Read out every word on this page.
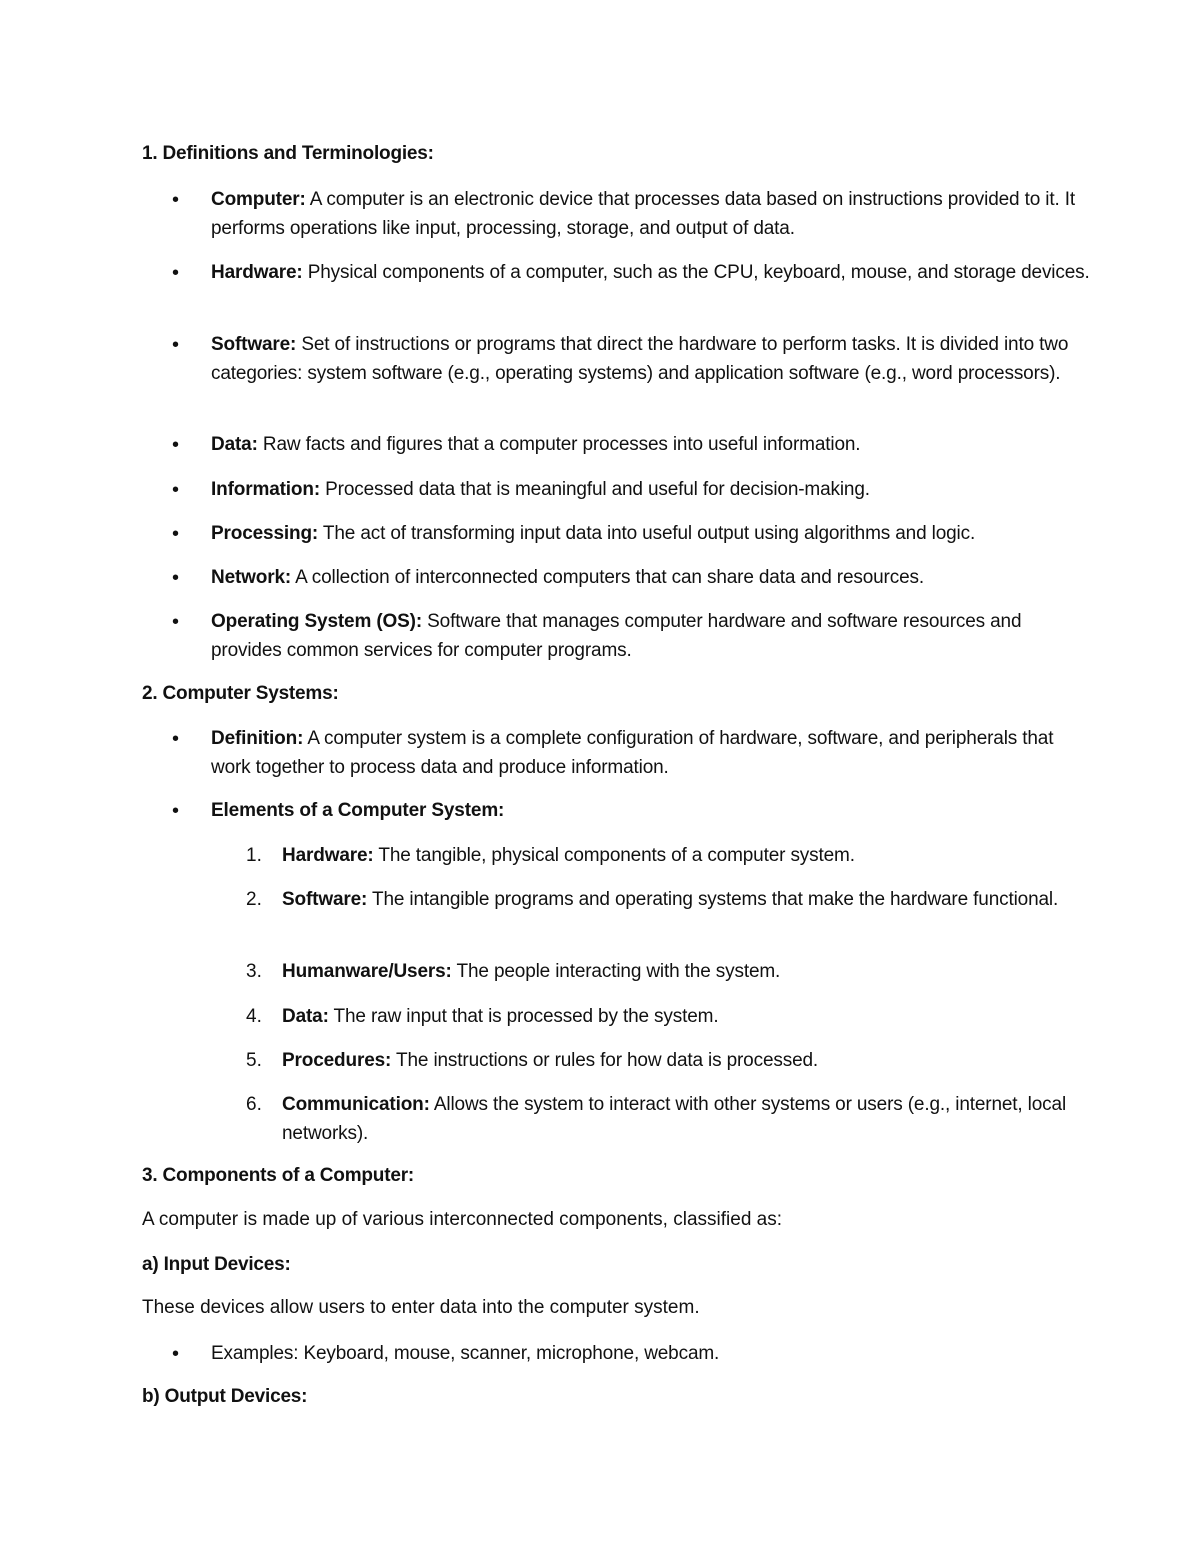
1. Definitions and Terminologies:
• Computer: A computer is an electronic device that processes data based on instructions provided to it. It performs operations like input, processing, storage, and output of data.
• Hardware: Physical components of a computer, such as the CPU, keyboard, mouse, and storage devices.
• Software: Set of instructions or programs that direct the hardware to perform tasks. It is divided into two categories: system software (e.g., operating systems) and application software (e.g., word processors).
• Data: Raw facts and figures that a computer processes into useful information.
• Information: Processed data that is meaningful and useful for decision-making.
• Processing: The act of transforming input data into useful output using algorithms and logic.
• Network: A collection of interconnected computers that can share data and resources.
• Operating System (OS): Software that manages computer hardware and software resources and provides common services for computer programs.
2. Computer Systems:
• Definition: A computer system is a complete configuration of hardware, software, and peripherals that work together to process data and produce information.
• Elements of a Computer System:
1. Hardware: The tangible, physical components of a computer system.
2. Software: The intangible programs and operating systems that make the hardware functional.
3. Humanware/Users: The people interacting with the system.
4. Data: The raw input that is processed by the system.
5. Procedures: The instructions or rules for how data is processed.
6. Communication: Allows the system to interact with other systems or users (e.g., internet, local networks).
3. Components of a Computer:
A computer is made up of various interconnected components, classified as:
a) Input Devices:
These devices allow users to enter data into the computer system.
• Examples: Keyboard, mouse, scanner, microphone, webcam.
b) Output Devices:
